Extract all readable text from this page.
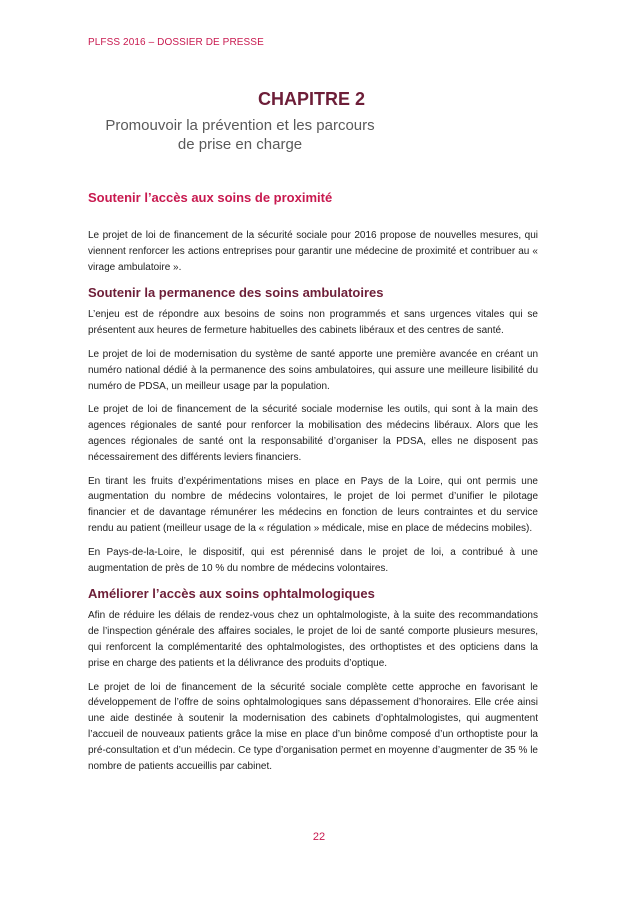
PLFSS 2016 – DOSSIER DE PRESSE
CHAPITRE 2
Promouvoir la prévention et les parcours
de prise en charge
Soutenir l’accès aux soins de proximité

Le projet de loi de financement de la sécurité sociale pour 2016 propose de nouvelles mesures, qui viennent renforcer les actions entreprises pour garantir une médecine de proximité et contribuer au « virage ambulatoire ».

Soutenir la permanence des soins ambulatoires

L’enjeu est de répondre aux besoins de soins non programmés et sans urgences vitales qui se présentent aux heures de fermeture habituelles des cabinets libéraux et des centres de santé.

Le projet de loi de modernisation du système de santé apporte une première avancée en créant un numéro national dédié à la permanence des soins ambulatoires, qui assure une meilleure lisibilité du numéro de PDSA, un meilleur usage par la population.

Le projet de loi de financement de la sécurité sociale modernise les outils, qui sont à la main des agences régionales de santé pour renforcer la mobilisation des médecins libéraux. Alors que les agences régionales de santé ont la responsabilité d’organiser la PDSA, elles ne disposent pas nécessairement des différents leviers financiers.

En tirant les fruits d’expérimentations mises en place en Pays de la Loire, qui ont permis une augmentation du nombre de médecins volontaires, le projet de loi permet d’unifier le pilotage financier et de davantage rémunérer les médecins en fonction de leurs contraintes et du service rendu au patient (meilleur usage de la « régulation » médicale, mise en place de médecins mobiles).

En Pays-de-la-Loire, le dispositif, qui est pérennisé dans le projet de loi, a contribué à une augmentation de près de 10 % du nombre de médecins volontaires.

Améliorer l’accès aux soins ophtalmologiques

Afin de réduire les délais de rendez-vous chez un ophtalmologiste, à la suite des recommandations de l’inspection générale des affaires sociales, le projet de loi de santé comporte plusieurs mesures, qui renforcent la complémentarité des ophtalmologistes, des orthoptistes et des opticiens dans la prise en charge des patients et la délivrance des produits d’optique.

Le projet de loi de financement de la sécurité sociale complète cette approche en favorisant le développement de l’offre de soins ophtalmologiques sans dépassement d’honoraires. Elle crée ainsi une aide destinée à soutenir la modernisation des cabinets d’ophtalmologistes, qui augmentent l’accueil de nouveaux patients grâce la mise en place d’un binôme composé d’un orthoptiste pour la pré-consultation et d’un médecin. Ce type d’organisation permet en moyenne d’augmenter de 35 % le nombre de patients accueillis par cabinet.

22
